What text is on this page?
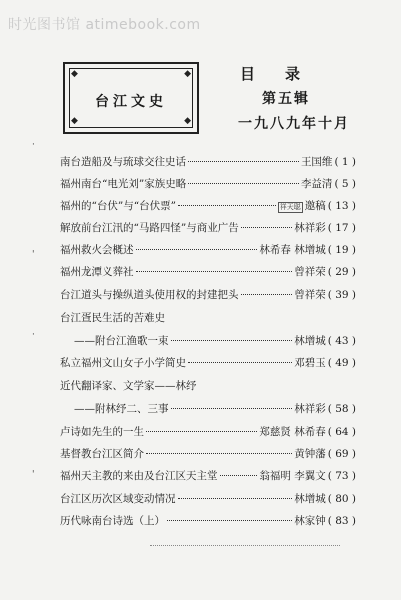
时光图书馆 atimebook.com
◆	◆
◆	◆
台江文史
目录
第五辑
一九八九年十月
·
'
·
'
南台造船及与琉球交往史话	王国维 ( 1 )
福州南台“电光刘”家族史略	李益清 ( 5 )
福州的“台伏”与“台伏票”	祥天聪 邀稿 ( 13 )
解放前台江汛的“马路四怪”与商业广告	林祥彩 ( 17 )
福州救火会概述	林希春 林增城 ( 19 )
福州龙潭义葬社	曾祥荣 ( 29 )
台江道头与操纵道头使用权的封建把头	曾祥荣 ( 39 )
台江疍民生活的苦难史
——附台江渔歌一束	林增城 ( 43 )
私立福州文山女子小学简史	邓碧玉 ( 49 )
近代翻译家、文学家——林纾
——附林纾二、三事	林祥彩 ( 58 )
卢诗如先生的一生	郑慈贤 林希春 ( 64 )
基督教台江区简介	黄钟藩 ( 69 )
福州天主教的来由及台江区天主堂	翁福明 李翼文 ( 73 )
台江区历次区域变动情况	林增城 ( 80 )
历代咏南台诗选（上）	林家钟 ( 83 )
